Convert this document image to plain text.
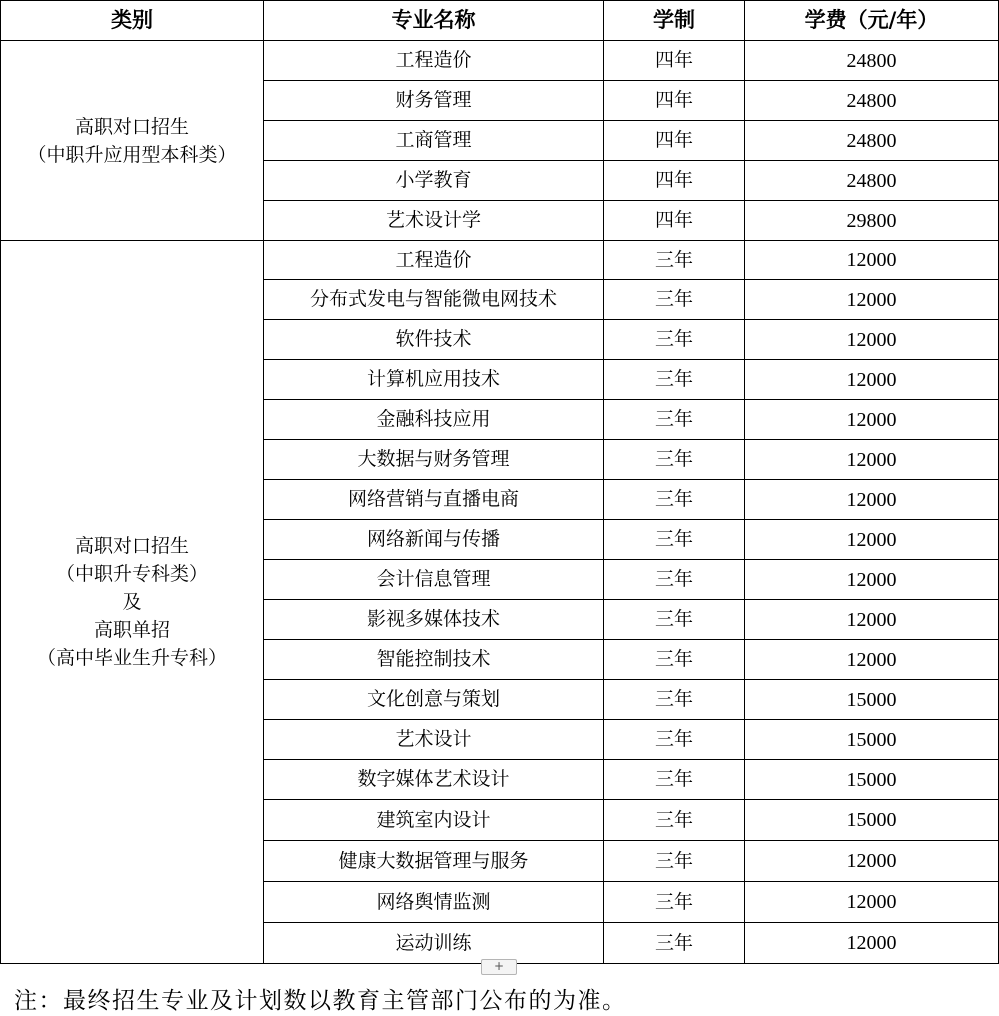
类别	专业名称	学制	学费（元/年）

高职对口招生
（中职升应用型本科类）	工程造价	四年	24800
	财务管理	四年	24800
	工商管理	四年	24800
	小学教育	四年	24800
	艺术设计学	四年	29800

高职对口招生
（中职升专科类）
及
高职单招
（高中毕业生升专科）	工程造价	三年	12000
	分布式发电与智能微电网技术	三年	12000
	软件技术	三年	12000
	计算机应用技术	三年	12000
	金融科技应用	三年	12000
	大数据与财务管理	三年	12000
	网络营销与直播电商	三年	12000
	网络新闻与传播	三年	12000
	会计信息管理	三年	12000
	影视多媒体技术	三年	12000
	智能控制技术	三年	12000
	文化创意与策划	三年	15000
	艺术设计	三年	15000
	数字媒体艺术设计	三年	15000
	建筑室内设计	三年	15000
	健康大数据管理与服务	三年	12000
	网络舆情监测	三年	12000
	运动训练	三年	12000
+
注：最终招生专业及计划数以教育主管部门公布的为准。
